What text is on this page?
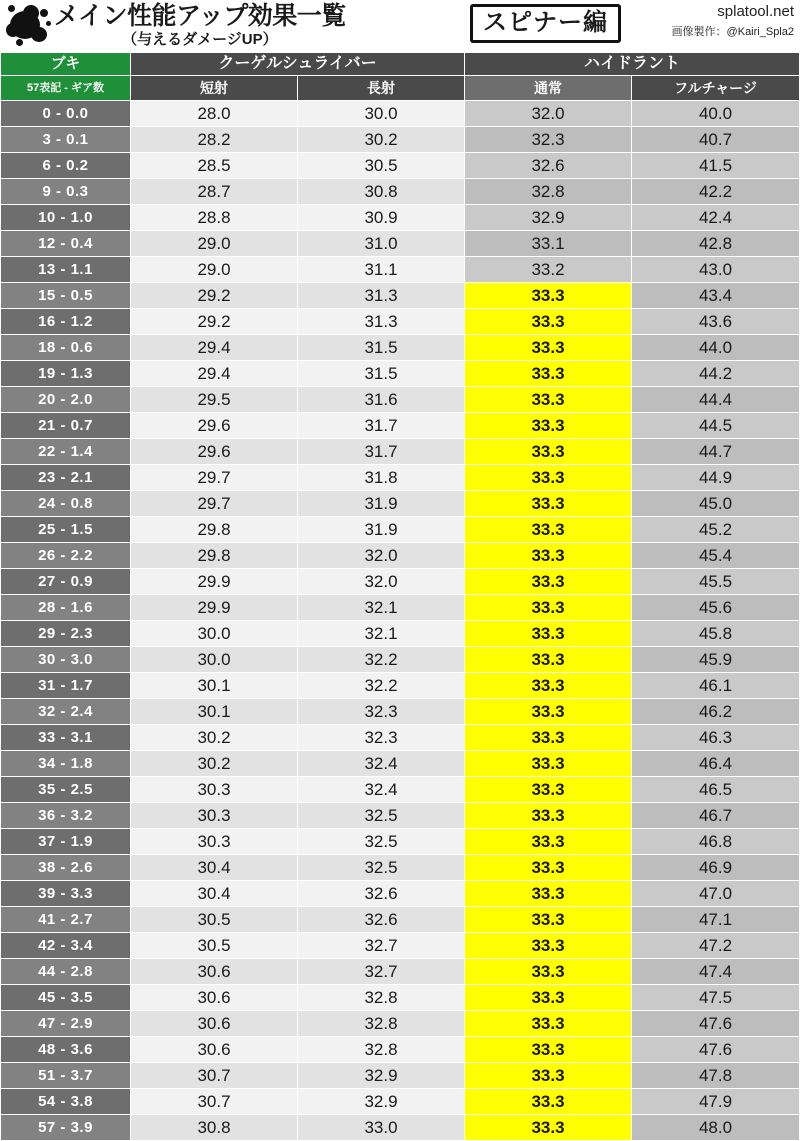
メイン性能アップ効果一覧
（与えるダメージUP）
スピナー編	splatool.net
画像製作：@Kairi_Spla2
ブキ	クーゲルシュライバー		ハイドラント	
57表記 - ギア数	短射	長射	通常	フルチャージ
0 - 0.0	28.0	30.0	32.0	40.0
3 - 0.1	28.2	30.2	32.3	40.7
6 - 0.2	28.5	30.5	32.6	41.5
9 - 0.3	28.7	30.8	32.8	42.2
10 - 1.0	28.8	30.9	32.9	42.4
12 - 0.4	29.0	31.0	33.1	42.8
13 - 1.1	29.0	31.1	33.2	43.0
15 - 0.5	29.2	31.3	33.3	43.4
16 - 1.2	29.2	31.3	33.3	43.6
18 - 0.6	29.4	31.5	33.3	44.0
19 - 1.3	29.4	31.5	33.3	44.2
20 - 2.0	29.5	31.6	33.3	44.4
21 - 0.7	29.6	31.7	33.3	44.5
22 - 1.4	29.6	31.7	33.3	44.7
23 - 2.1	29.7	31.8	33.3	44.9
24 - 0.8	29.7	31.9	33.3	45.0
25 - 1.5	29.8	31.9	33.3	45.2
26 - 2.2	29.8	32.0	33.3	45.4
27 - 0.9	29.9	32.0	33.3	45.5
28 - 1.6	29.9	32.1	33.3	45.6
29 - 2.3	30.0	32.1	33.3	45.8
30 - 3.0	30.0	32.2	33.3	45.9
31 - 1.7	30.1	32.2	33.3	46.1
32 - 2.4	30.1	32.3	33.3	46.2
33 - 3.1	30.2	32.3	33.3	46.3
34 - 1.8	30.2	32.4	33.3	46.4
35 - 2.5	30.3	32.4	33.3	46.5
36 - 3.2	30.3	32.5	33.3	46.7
37 - 1.9	30.3	32.5	33.3	46.8
38 - 2.6	30.4	32.5	33.3	46.9
39 - 3.3	30.4	32.6	33.3	47.0
41 - 2.7	30.5	32.6	33.3	47.1
42 - 3.4	30.5	32.7	33.3	47.2
44 - 2.8	30.6	32.7	33.3	47.4
45 - 3.5	30.6	32.8	33.3	47.5
47 - 2.9	30.6	32.8	33.3	47.6
48 - 3.6	30.6	32.8	33.3	47.6
51 - 3.7	30.7	32.9	33.3	47.8
54 - 3.8	30.7	32.9	33.3	47.9
57 - 3.9	30.8	33.0	33.3	48.0
